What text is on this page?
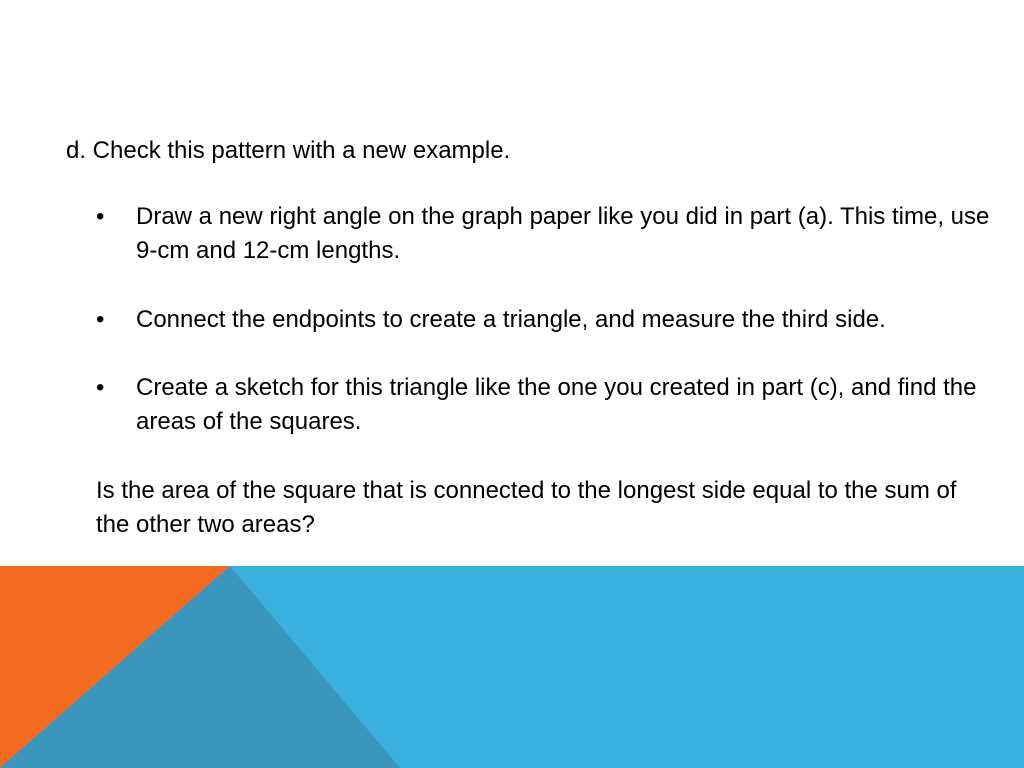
d. Check this pattern with a new example.

•	Draw a new right angle on the graph paper like you did in part (a). This time, use 9-cm and 12-cm lengths.
•	Connect the endpoints to create a triangle, and measure the third side.
•	Create a sketch for this triangle like the one you created in part (c), and find the areas of the squares.
Is the area of the square that is connected to the longest side equal to the sum of the other two areas?
